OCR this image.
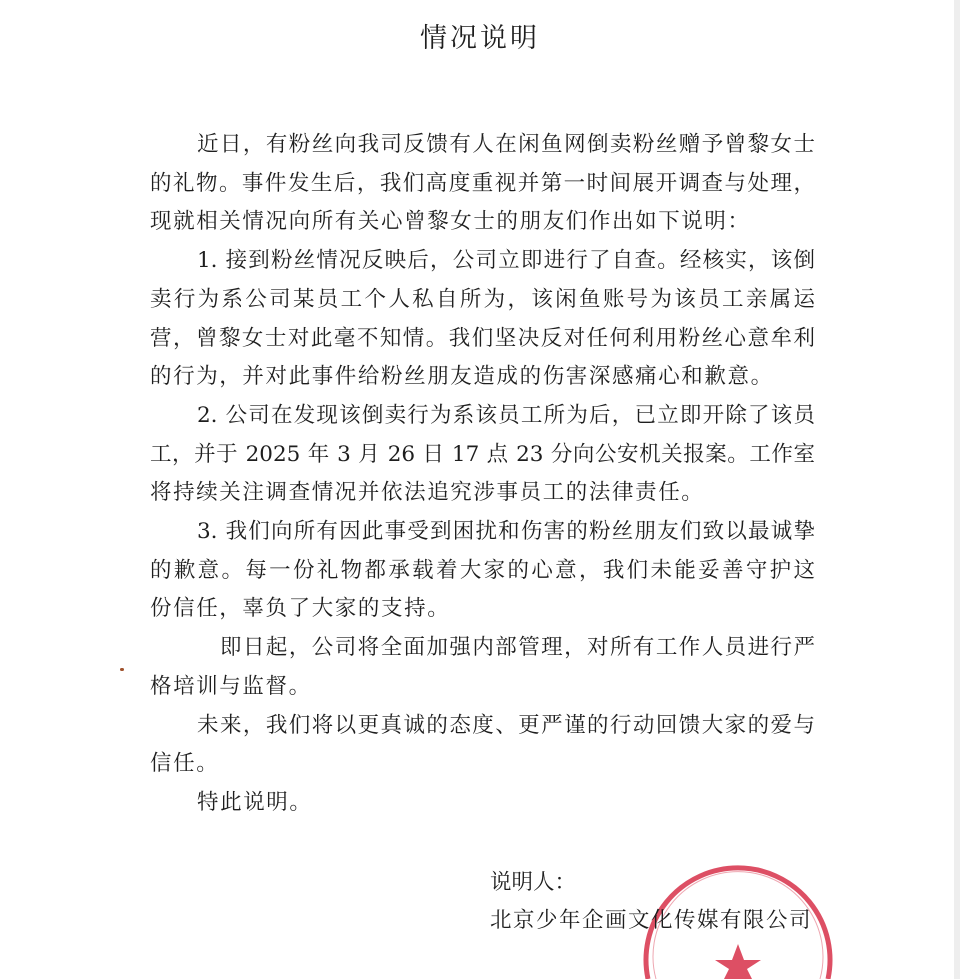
情况说明
近日，有粉丝向我司反馈有人在闲鱼网倒卖粉丝赠予曾黎女士
的礼物。事件发生后，我们高度重视并第一时间展开调查与处理，
现就相关情况向所有关心曾黎女士的朋友们作出如下说明：
1. 接到粉丝情况反映后，公司立即进行了自查。经核实，该倒
卖行为系公司某员工个人私自所为，该闲鱼账号为该员工亲属运
营，曾黎女士对此毫不知情。我们坚决反对任何利用粉丝心意牟利
的行为，并对此事件给粉丝朋友造成的伤害深感痛心和歉意。
2. 公司在发现该倒卖行为系该员工所为后，已立即开除了该员
工，并于 2025 年 3 月 26 日 17 点 23 分向公安机关报案。工作室
将持续关注调查情况并依法追究涉事员工的法律责任。
3. 我们向所有因此事受到困扰和伤害的粉丝朋友们致以最诚挚
的歉意。每一份礼物都承载着大家的心意，我们未能妥善守护这
份信任，辜负了大家的支持。
即日起，公司将全面加强内部管理，对所有工作人员进行严
格培训与监督。
未来，我们将以更真诚的态度、更严谨的行动回馈大家的爱与
信任。
特此说明。
说明人：
北京少年企画文化传媒有限公司
